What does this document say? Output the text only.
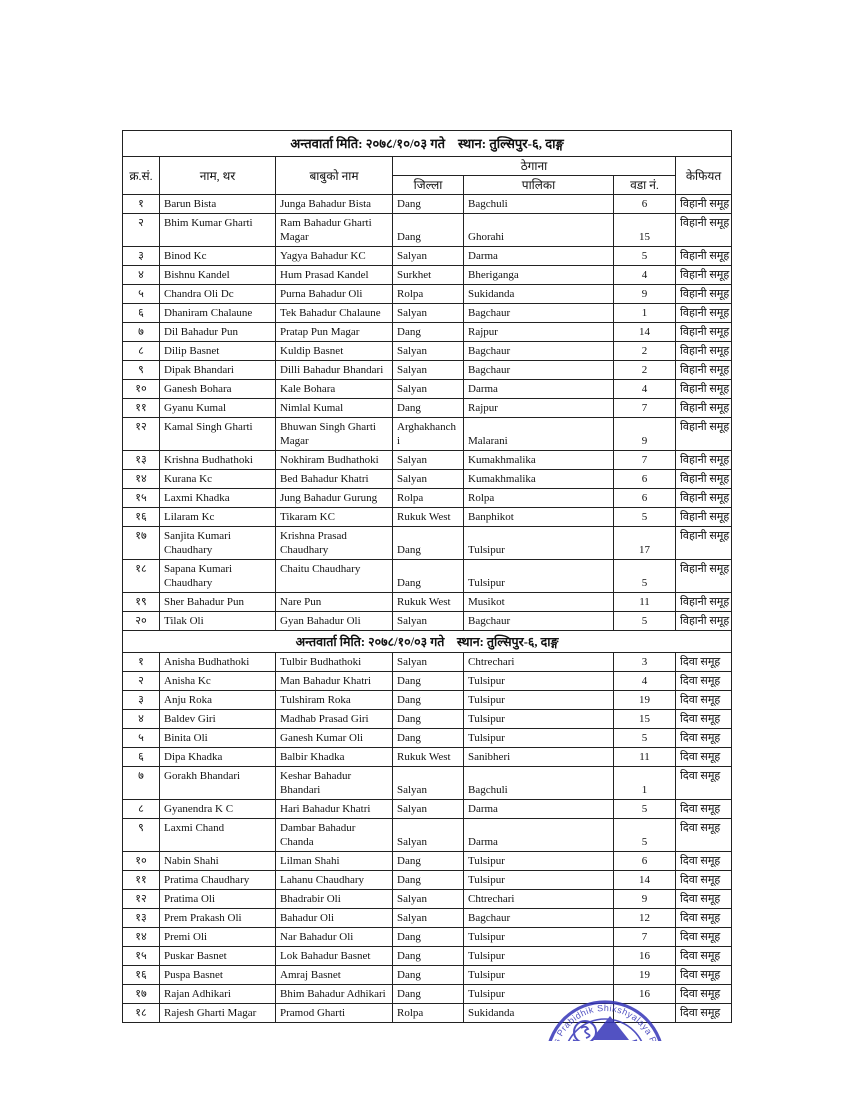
अन्तवार्ता मिति: २०७८/१०/०३ गते    स्थान: तुल्सिपुर-६, दाङ्ग						
क्र.सं.	नाम, थर	बाबुको नाम	ठेगाना			केफियत
			जिल्ला	पालिका	वडा नं.	
१	Barun Bista	Junga Bahadur Bista	Dang	Bagchuli	6	विहानी समूह
२	Bhim Kumar Gharti	Ram Bahadur Gharti Magar	Dang	Ghorahi	15	विहानी समूह
३	Binod Kc	Yagya Bahadur KC	Salyan	Darma	5	विहानी समूह
४	Bishnu Kandel	Hum Prasad Kandel	Surkhet	Bheriganga	4	विहानी समूह
५	Chandra Oli Dc	Purna Bahadur Oli	Rolpa	Sukidanda	9	विहानी समूह
६	Dhaniram Chalaune	Tek Bahadur Chalaune	Salyan	Bagchaur	1	विहानी समूह
७	Dil Bahadur Pun	Pratap Pun Magar	Dang	Rajpur	14	विहानी समूह
८	Dilip Basnet	Kuldip Basnet	Salyan	Bagchaur	2	विहानी समूह
९	Dipak Bhandari	Dilli Bahadur Bhandari	Salyan	Bagchaur	2	विहानी समूह
१०	Ganesh Bohara	Kale Bohara	Salyan	Darma	4	विहानी समूह
११	Gyanu Kumal	Nimlal Kumal	Dang	Rajpur	7	विहानी समूह
१२	Kamal Singh Gharti	Bhuwan Singh Gharti Magar	Arghakhanchi	Malarani	9	विहानी समूह
१३	Krishna Budhathoki	Nokhiram Budhathoki	Salyan	Kumakhmalika	7	विहानी समूह
१४	Kurana Kc	Bed Bahadur Khatri	Salyan	Kumakhmalika	6	विहानी समूह
१५	Laxmi Khadka	Jung Bahadur Gurung	Rolpa	Rolpa	6	विहानी समूह
१६	Lilaram Kc	Tikaram KC	Rukuk West	Banphikot	5	विहानी समूह
१७	Sanjita Kumari Chaudhary	Krishna Prasad Chaudhary	Dang	Tulsipur	17	विहानी समूह
१८	Sapana Kumari Chaudhary	Chaitu Chaudhary	Dang	Tulsipur	5	विहानी समूह
१९	Sher Bahadur Pun	Nare Pun	Rukuk West	Musikot	11	विहानी समूह
२०	Tilak Oli	Gyan Bahadur Oli	Salyan	Bagchaur	5	विहानी समूह
अन्तवार्ता मिति: २०७८/१०/०३ गते    स्थान: तुल्सिपुर-६, दाङ्ग						
१	Anisha Budhathoki	Tulbir Budhathoki	Salyan	Chtrechari	3	दिवा समूह
२	Anisha Kc	Man Bahadur Khatri	Dang	Tulsipur	4	दिवा समूह
३	Anju Roka	Tulshiram Roka	Dang	Tulsipur	19	दिवा समूह
४	Baldev Giri	Madhab Prasad Giri	Dang	Tulsipur	15	दिवा समूह
५	Binita Oli	Ganesh Kumar Oli	Dang	Tulsipur	5	दिवा समूह
६	Dipa Khadka	Balbir Khadka	Rukuk West	Sanibheri	11	दिवा समूह
७	Gorakh Bhandari	Keshar Bahadur Bhandari	Salyan	Bagchuli	1	दिवा समूह
८	Gyanendra K C	Hari Bahadur Khatri	Salyan	Darma	5	दिवा समूह
९	Laxmi Chand	Dambar Bahadur Chanda	Salyan	Darma	5	दिवा समूह
१०	Nabin Shahi	Lilman Shahi	Dang	Tulsipur	6	दिवा समूह
११	Pratima Chaudhary	Lahanu Chaudhary	Dang	Tulsipur	14	दिवा समूह
१२	Pratima Oli	Bhadrabir Oli	Salyan	Chtrechari	9	दिवा समूह
१३	Prem Prakash Oli	Bahadur Oli	Salyan	Bagchaur	12	दिवा समूह
१४	Premi Oli	Nar Bahadur Oli	Dang	Tulsipur	7	दिवा समूह
१५	Puskar Basnet	Lok Bahadur Basnet	Dang	Tulsipur	16	दिवा समूह
१६	Puspa Basnet	Amraj Basnet	Dang	Tulsipur	19	दिवा समूह
१७	Rajan Adhikari	Bhim Bahadur Adhikari	Dang	Tulsipur	16	दिवा समूह
१८	Rajesh Gharti Magar	Pramod Gharti	Rolpa	Sukidanda		दिवा समूह
s Prabidhik Shikshyalaya P
